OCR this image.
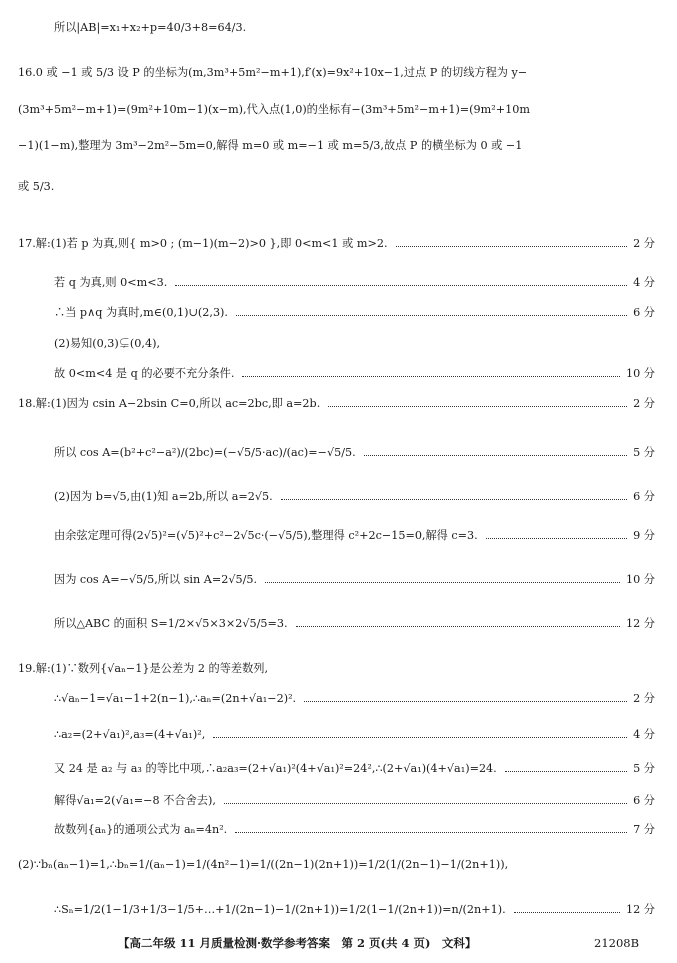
所以|AB|=x₁+x₂+p=40/3+8=64/3.
16.0 或 −1 或 5/3 设 P 的坐标为(m,3m³+5m²−m+1),f′(x)=9x²+10x−1,过点 P 的切线方程为 y−
(3m³+5m²−m+1)=(9m²+10m−1)(x−m),代入点(1,0)的坐标有−(3m³+5m²−m+1)=(9m²+10m
−1)(1−m),整理为 3m³−2m²−5m=0,解得 m=0 或 m=−1 或 m=5/3,故点 P 的横坐标为 0 或 −1
或 5/3.
17.解:(1)若 p 为真,则{ m>0 ; (m−1)(m−2)>0 },即 0<m<1 或 m>2.	2 分
若 q 为真,则 0<m<3.	4 分
∴当 p∧q 为真时,m∈(0,1)∪(2,3).	6 分
(2)易知(0,3)⊊(0,4),
故 0<m<4 是 q 的必要不充分条件.	10 分
18.解:(1)因为 csin A−2bsin C=0,所以 ac=2bc,即 a=2b.	2 分
所以 cos A=(b²+c²−a²)/(2bc)=(−√5/5·ac)/(ac)=−√5/5.	5 分
(2)因为 b=√5,由(1)知 a=2b,所以 a=2√5.	6 分
由余弦定理可得(2√5)²=(√5)²+c²−2√5c·(−√5/5),整理得 c²+2c−15=0,解得 c=3.	9 分
因为 cos A=−√5/5,所以 sin A=2√5/5.	10 分
所以△ABC 的面积 S=1/2×√5×3×2√5/5=3.	12 分
19.解:(1)∵数列{√aₙ−1}是公差为 2 的等差数列,
∴√aₙ−1=√a₁−1+2(n−1),∴aₙ=(2n+√a₁−2)².	2 分
∴a₂=(2+√a₁)²,a₃=(4+√a₁)²,	4 分
又 24 是 a₂ 与 a₃ 的等比中项,∴a₂a₃=(2+√a₁)²(4+√a₁)²=24²,∴(2+√a₁)(4+√a₁)=24.	5 分
解得√a₁=2(√a₁=−8 不合舍去),	6 分
故数列{aₙ}的通项公式为 aₙ=4n².	7 分
(2)∵bₙ(aₙ−1)=1,∴bₙ=1/(aₙ−1)=1/(4n²−1)=1/((2n−1)(2n+1))=1/2(1/(2n−1)−1/(2n+1)),
∴Sₙ=1/2(1−1/3+1/3−1/5+…+1/(2n−1)−1/(2n+1))=1/2(1−1/(2n+1))=n/(2n+1).	12 分
【高二年级 11 月质量检测·数学参考答案　第 2 页(共 4 页)　文科】	21208B
